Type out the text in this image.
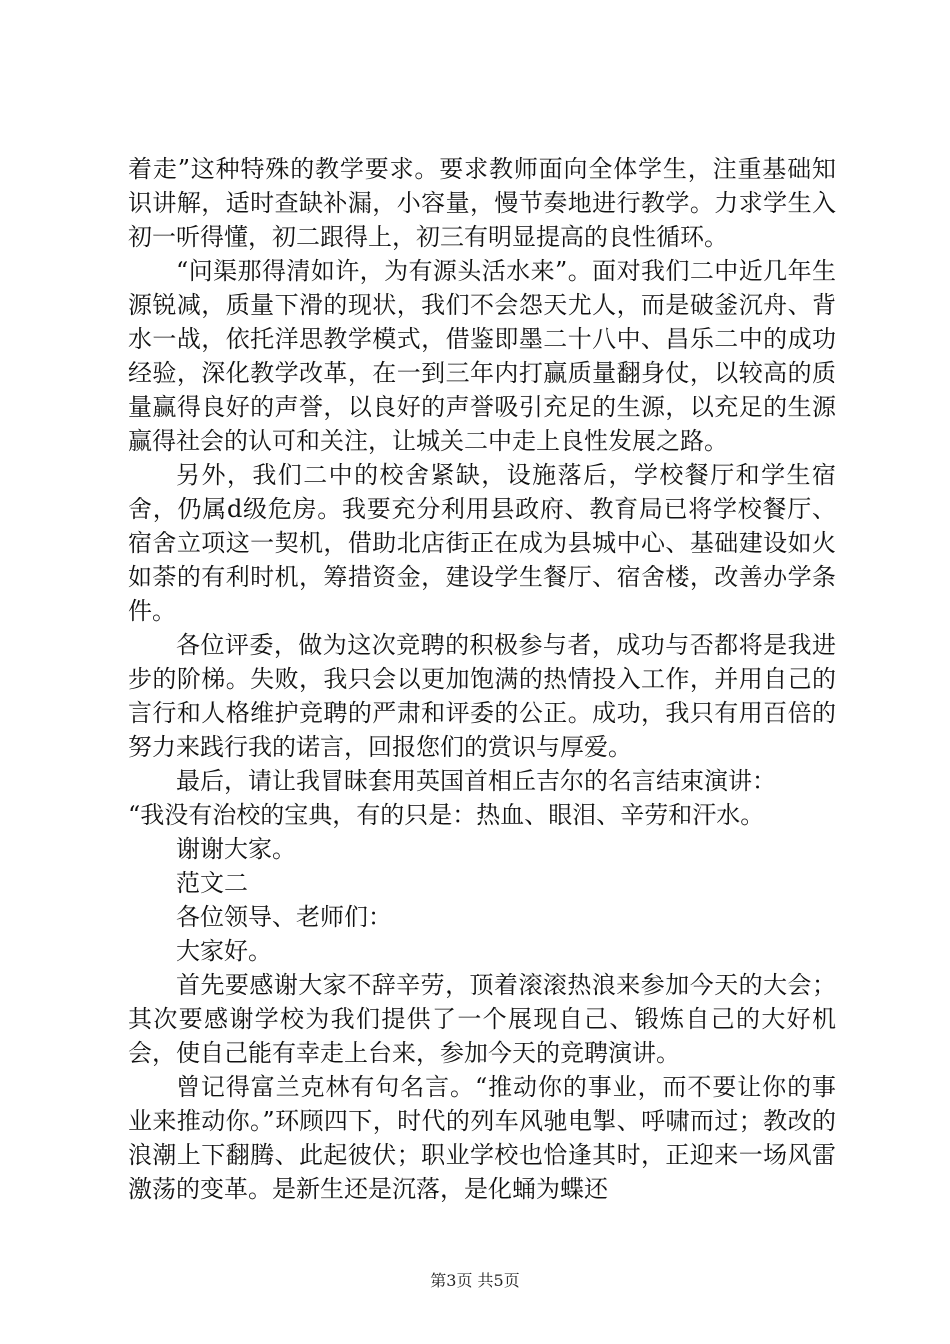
着走”这种特殊的教学要求。要求教师面向全体学生，注重基础知识讲解，适时查缺补漏，小容量，慢节奏地进行教学。力求学生入初一听得懂，初二跟得上，初三有明显提高的良性循环。

“问渠那得清如许，为有源头活水来”。面对我们二中近几年生源锐减，质量下滑的现状，我们不会怨天尤人，而是破釜沉舟、背水一战，依托洋思教学模式，借鉴即墨二十八中、昌乐二中的成功经验，深化教学改革，在一到三年内打赢质量翻身仗，以较高的质量赢得良好的声誉，以良好的声誉吸引充足的生源，以充足的生源赢得社会的认可和关注，让城关二中走上良性发展之路。

另外，我们二中的校舍紧缺，设施落后，学校餐厅和学生宿舍，仍属d级危房。我要充分利用县政府、教育局已将学校餐厅、宿舍立项这一契机，借助北店街正在成为县城中心、基础建设如火如荼的有利时机，筹措资金，建设学生餐厅、宿舍楼，改善办学条件。

各位评委，做为这次竞聘的积极参与者，成功与否都将是我进步的阶梯。失败，我只会以更加饱满的热情投入工作，并用自己的言行和人格维护竞聘的严肃和评委的公正。成功，我只有用百倍的努力来践行我的诺言，回报您们的赏识与厚爱。

最后，请让我冒昧套用英国首相丘吉尔的名言结束演讲：

“我没有治校的宝典，有的只是：热血、眼泪、辛劳和汗水。

谢谢大家。

范文二

各位领导、老师们：

大家好。

首先要感谢大家不辞辛劳，顶着滚滚热浪来参加今天的大会；其次要感谢学校为我们提供了一个展现自己、锻炼自己的大好机会，使自己能有幸走上台来，参加今天的竞聘演讲。

曾记得富兰克林有句名言。“推动你的事业，而不要让你的事业来推动你。”环顾四下，时代的列车风驰电掣、呼啸而过；教改的浪潮上下翻腾、此起彼伏；职业学校也恰逢其时，正迎来一场风雷激荡的变革。是新生还是沉落，是化蛹为蝶还

第3页 共5页
